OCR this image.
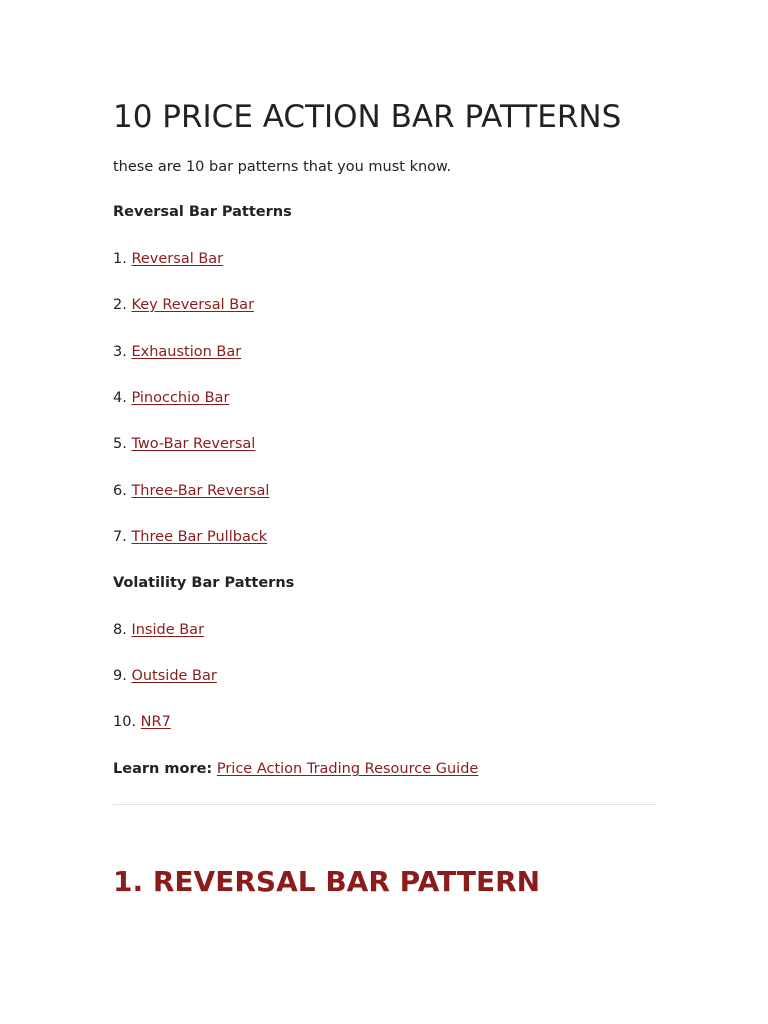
10 PRICE ACTION BAR PATTERNS

these are 10 bar patterns that you must know.

Reversal Bar Patterns

1. Reversal Bar

2. Key Reversal Bar

3. Exhaustion Bar

4. Pinocchio Bar

5. Two-Bar Reversal

6. Three-Bar Reversal

7. Three Bar Pullback

Volatility Bar Patterns

8. Inside Bar

9. Outside Bar

10. NR7

Learn more: Price Action Trading Resource Guide

1. REVERSAL BAR PATTERN
